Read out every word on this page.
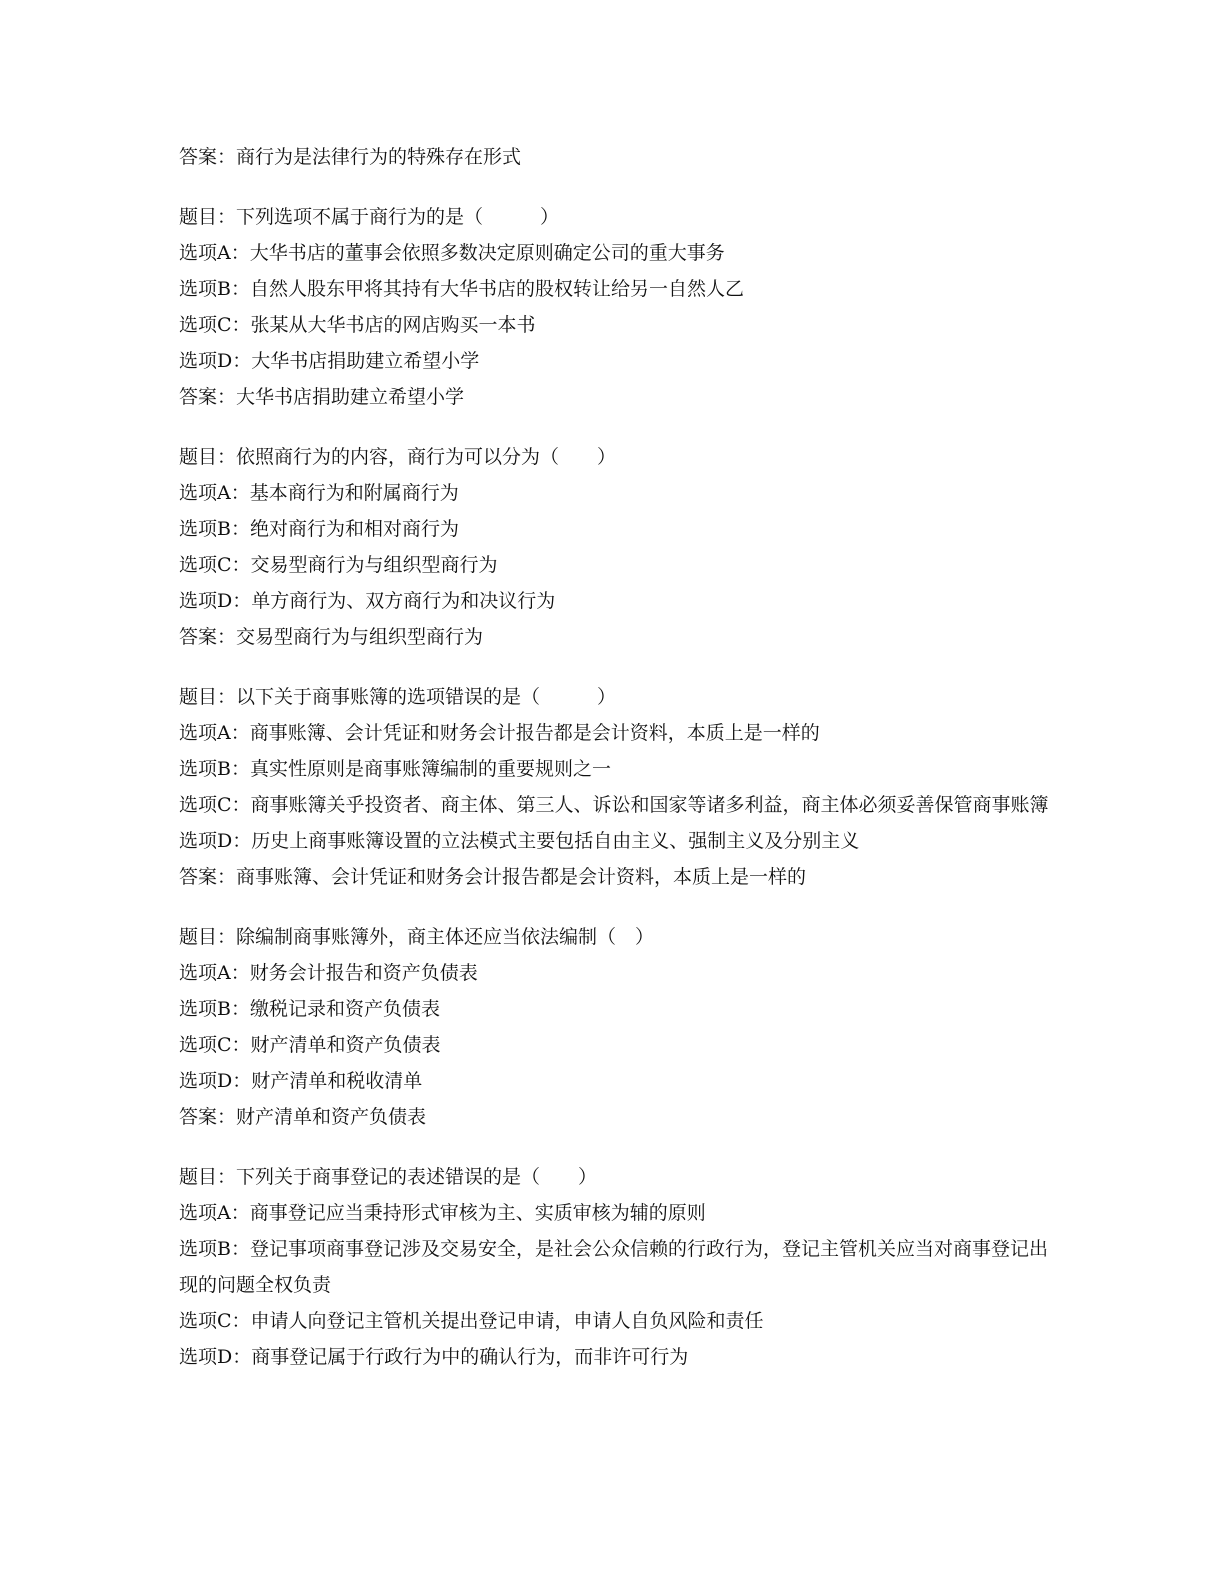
答案：商行为是法律行为的特殊存在形式
题目：下列选项不属于商行为的是（　　　）
选项A：大华书店的董事会依照多数决定原则确定公司的重大事务
选项B：自然人股东甲将其持有大华书店的股权转让给另一自然人乙
选项C：张某从大华书店的网店购买一本书
选项D：大华书店捐助建立希望小学
答案：大华书店捐助建立希望小学
题目：依照商行为的内容，商行为可以分为（　　）
选项A：基本商行为和附属商行为
选项B：绝对商行为和相对商行为
选项C：交易型商行为与组织型商行为
选项D：单方商行为、双方商行为和决议行为
答案：交易型商行为与组织型商行为
题目：以下关于商事账簿的选项错误的是（　　　）
选项A：商事账簿、会计凭证和财务会计报告都是会计资料，本质上是一样的
选项B：真实性原则是商事账簿编制的重要规则之一
选项C：商事账簿关乎投资者、商主体、第三人、诉讼和国家等诸多利益，商主体必须妥善保管商事账簿
选项D：历史上商事账簿设置的立法模式主要包括自由主义、强制主义及分别主义
答案：商事账簿、会计凭证和财务会计报告都是会计资料，本质上是一样的
题目：除编制商事账簿外，商主体还应当依法编制（　）
选项A：财务会计报告和资产负债表
选项B：缴税记录和资产负债表
选项C：财产清单和资产负债表
选项D：财产清单和税收清单
答案：财产清单和资产负债表
题目：下列关于商事登记的表述错误的是（　　）
选项A：商事登记应当秉持形式审核为主、实质审核为辅的原则
选项B：登记事项商事登记涉及交易安全，是社会公众信赖的行政行为，登记主管机关应当对商事登记出现的问题全权负责
选项C：申请人向登记主管机关提出登记申请，申请人自负风险和责任
选项D：商事登记属于行政行为中的确认行为，而非许可行为
